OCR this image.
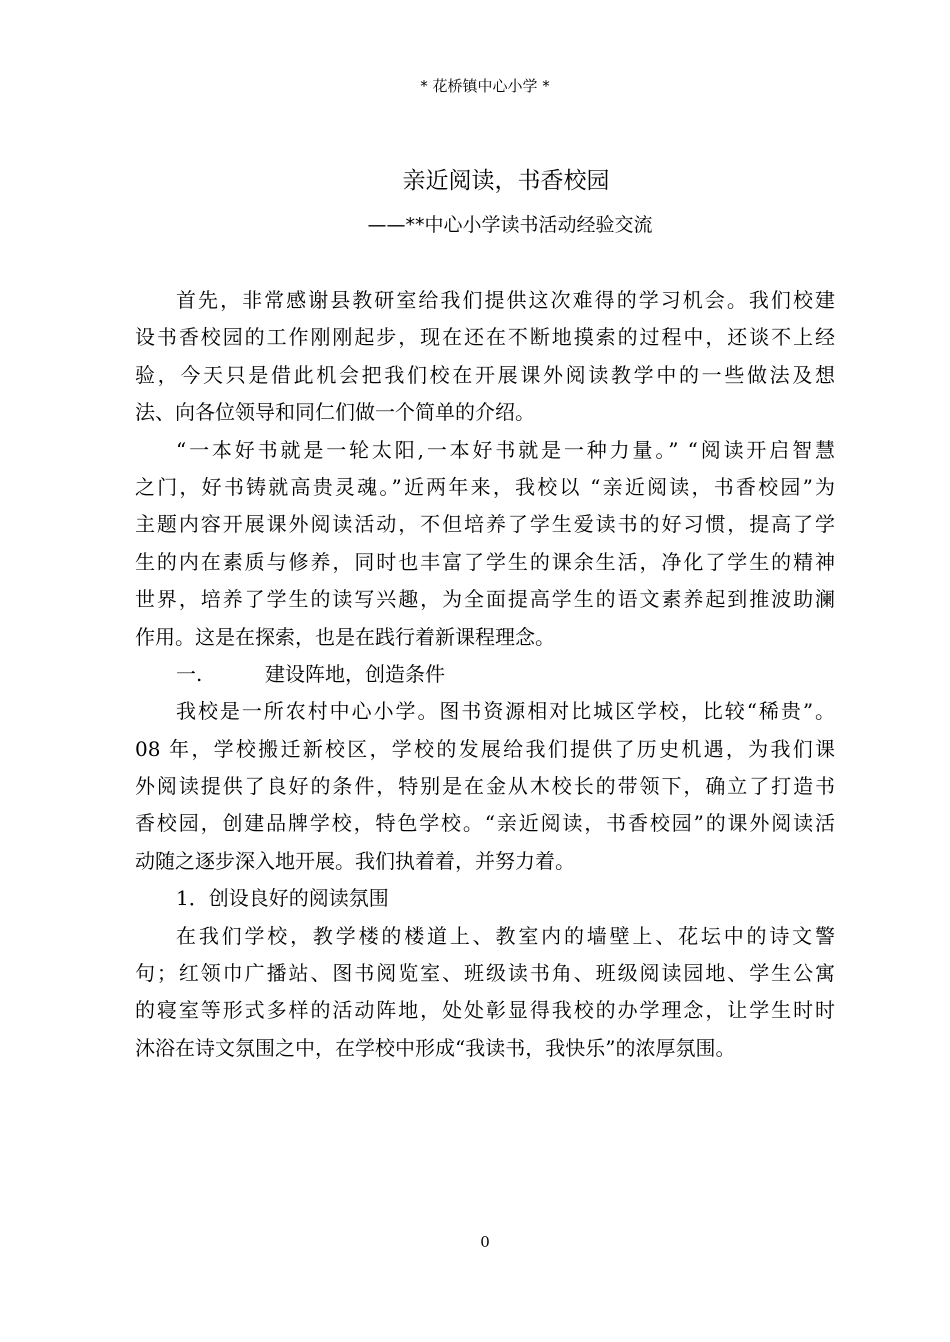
* 花桥镇中心小学 *
亲近阅读，书香校园
——**中心小学读书活动经验交流
首先，非常感谢县教研室给我们提供这次难得的学习机会。我们校建
设书香校园的工作刚刚起步，现在还在不断地摸索的过程中，还谈不上经
验，今天只是借此机会把我们校在开展课外阅读教学中的一些做法及想
法、向各位领导和同仁们做一个简单的介绍。
“一本好书就是一轮太阳,一本好书就是一种力量。” “阅读开启智慧
之门，好书铸就高贵灵魂。”近两年来，我校以 “亲近阅读，书香校园”为
主题内容开展课外阅读活动，不但培养了学生爱读书的好习惯，提高了学
生的内在素质与修养，同时也丰富了学生的课余生活，净化了学生的精神
世界，培养了学生的读写兴趣，为全面提高学生的语文素养起到推波助澜
作用。这是在探索，也是在践行着新课程理念。
一.	建设阵地，创造条件
我校是一所农村中心小学。图书资源相对比城区学校，比较“稀贵”。
08 年，学校搬迁新校区，学校的发展给我们提供了历史机遇，为我们课
外阅读提供了良好的条件，特别是在金从木校长的带领下，确立了打造书
香校园，创建品牌学校，特色学校。“亲近阅读，书香校园”的课外阅读活
动随之逐步深入地开展。我们执着着，并努力着。
1．创设良好的阅读氛围
在我们学校，教学楼的楼道上、教室内的墙壁上、花坛中的诗文警
句；红领巾广播站、图书阅览室、班级读书角、班级阅读园地、学生公寓
的寝室等形式多样的活动阵地，处处彰显得我校的办学理念，让学生时时
沐浴在诗文氛围之中，在学校中形成“我读书，我快乐”的浓厚氛围。
0
